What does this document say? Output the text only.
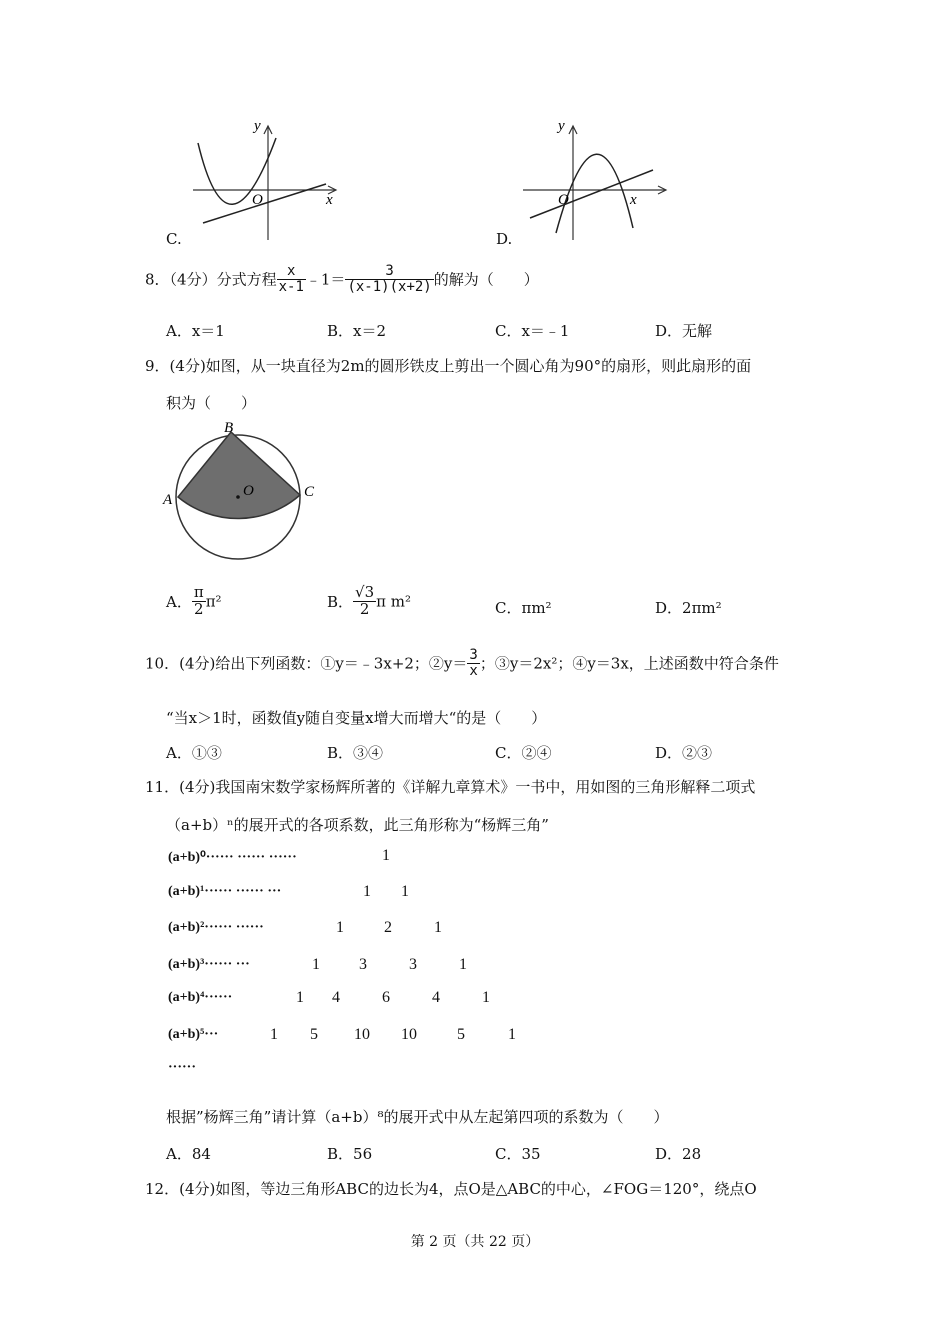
y
O	x
C.
y
O	x
D.
8．（4分）分式方程 $\frac{x}{x-1}$ ﹣1＝ $\frac{3}{(x-1)(x+2)}$ 的解为（　　）
A．x＝1	B．x＝2	C．x＝﹣1	D．无解
9．(4分)如图，从一块直径为2m的圆形铁皮上剪出一个圆心角为90°的扇形，则此扇形的面
积为（　　）
B
A	C
O
A． $\frac{\pi}{2} \pi^2$	B． $\frac{√3}{2}$ π m²	C．πm²	D．2πm²
10．(4分)给出下列函数：①y＝﹣3x+2；②y＝ $\frac{3}{x}$ ；③y＝2x²；④y＝3x，上述函数中符合条件
“当x＞1时，函数值y随自变量x增大而增大“的是（　　）
A．①③	B．③④	C．②④	D．②③
11．(4分)我国南宋数学家杨辉所著的《详解九章算术》一书中，用如图的三角形解释二项式
（a+b）ⁿ的展开式的各项系数，此三角形称为“杨辉三角”
(a+b)⁰······ ······ ······	1
(a+b)¹······ ······ ···	1 1
(a+b)²······ ······	1	2	1
(a+b)³······ ···	1 3	3	1
(a+b)⁴······	1 4	6	4	1
(a+b)⁵···	1 5 10 10	5	1
······
根据”杨辉三角”请计算（a+b）⁸的展开式中从左起第四项的系数为（　　）
A．84	B．56	C．35	D．28
12．(4分)如图，等边三角形ABC的边长为4，点O是△ABC的中心，∠FOG＝120°，绕点O
第 2 页（共 22 页）
